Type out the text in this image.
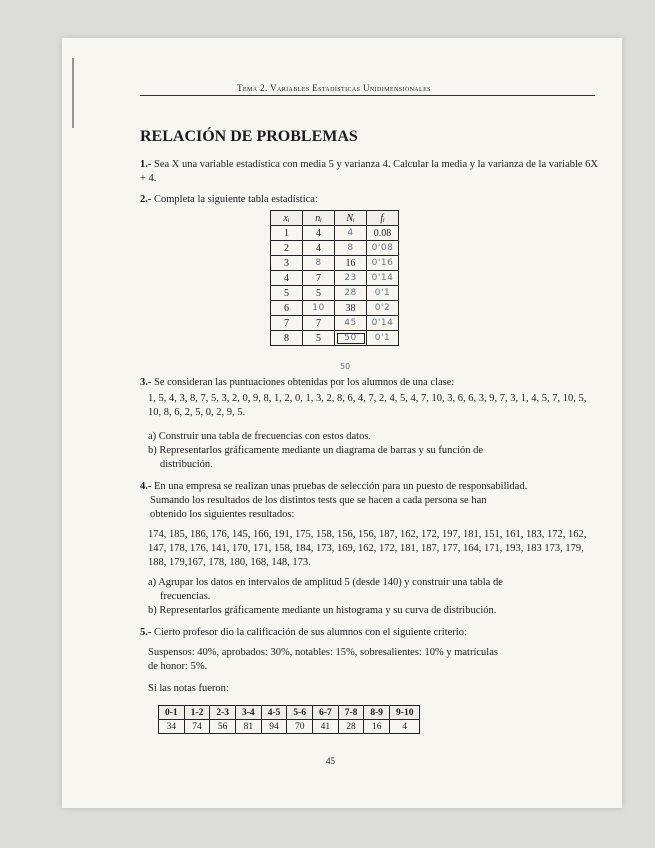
Tema 2. Variables Estadísticas Unidimensionales
RELACIÓN DE PROBLEMAS
1.- Sea X una variable estadística con media 5 y varianza 4. Calcular la media y la varianza de la variable 6X + 4.
2.- Completa la siguiente tabla estadística:
xᵢ	nᵢ	Nᵢ	fᵢ
1	4	4	0.08
2	4	8	0'08
3	8	16	0'16
4	7	23	0'14
5	5	28	0'1
6	10	38	0'2
7	7	45	0'14
8	5	50	0'1
50
3.- Se consideran las puntuaciones obtenidas por los alumnos de una clase:
1, 5, 4, 3, 8, 7, 5, 3, 2, 0, 9, 8, 1, 2, 0, 1, 3, 2, 8, 6, 4, 7, 2, 4, 5, 4, 7, 10, 3, 6, 6, 3, 9, 7, 3, 1, 4, 5, 7, 10, 5, 10, 8, 6, 2, 5, 0, 2, 9, 5.
a) Construir una tabla de frecuencias con estos datos.
b) Representarlos gráficamente mediante un diagrama de barras y su función de
distribución.
4.- En una empresa se realizan unas pruebas de selección para un puesto de responsabilidad.
Sumando los resultados de los distintos tests que se hacen a cada persona se han
obtenido los siguientes resultados:
174, 185, 186, 176, 145, 166, 191, 175, 158, 156, 156, 187, 162, 172, 197, 181, 151, 161, 183, 172, 162, 147, 178, 176, 141, 170, 171, 158, 184, 173, 169, 162, 172, 181, 187, 177, 164, 171, 193, 183 173, 179, 188, 179,167, 178, 180, 168, 148, 173.
a) Agrupar los datos en intervalos de amplitud 5 (desde 140) y construir una tabla de
frecuencias.
b) Representarlos gráficamente mediante un histograma y su curva de distribución.
5.- Cierto profesor dio la calificación de sus alumnos con el siguiente criterio:
Suspensos: 40%, aprobados: 30%, notables: 15%, sobresalientes: 10% y matrículas
de honor: 5%.
Si las notas fueron:
0-1	1-2	2-3	3-4	4-5	5-6	6-7	7-8	8-9	9-10
34	74	56	81	94	70	41	28	16	4
45
